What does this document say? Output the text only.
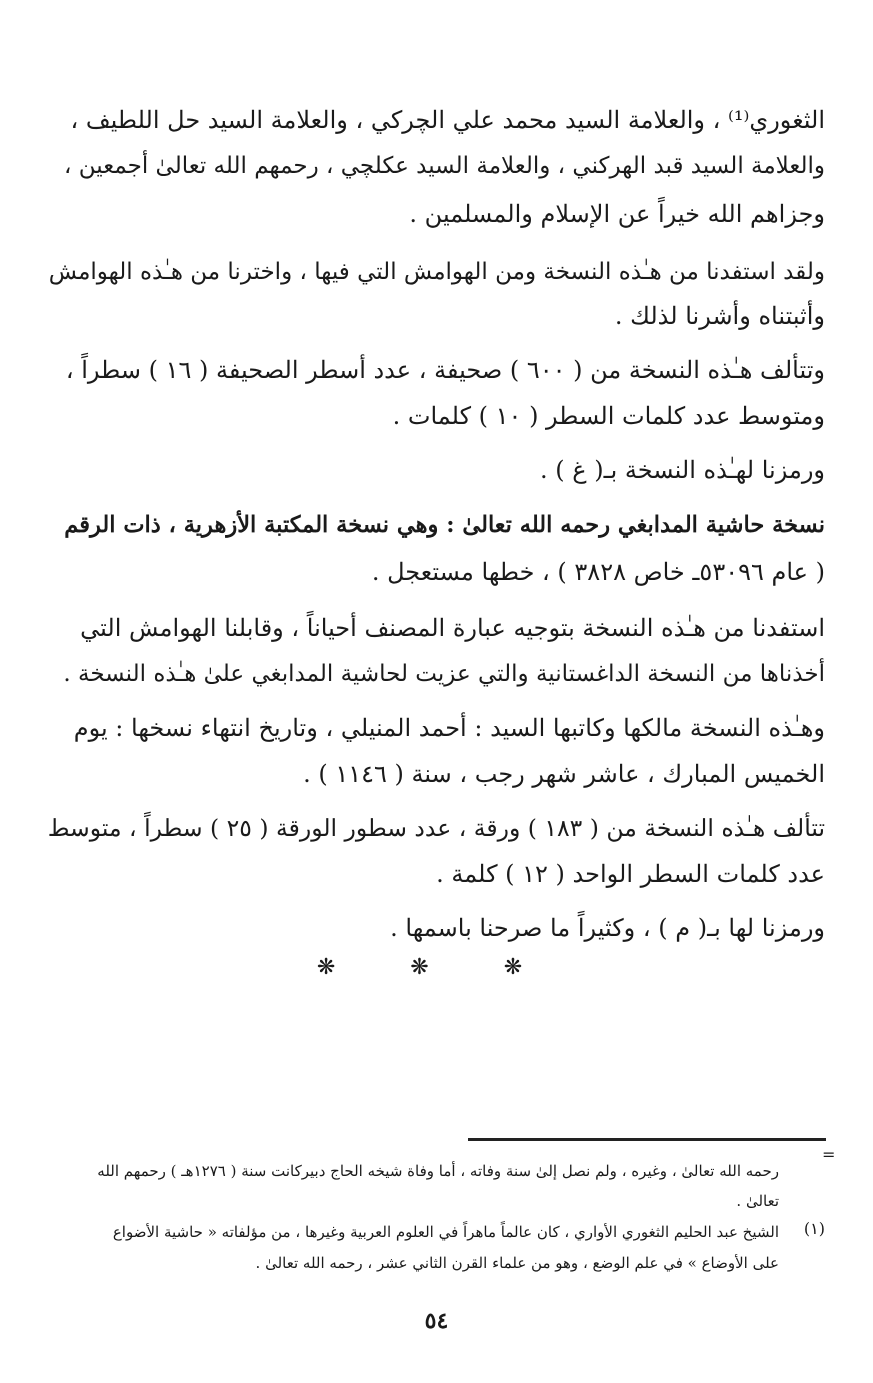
الثغوري⁽¹⁾ ، والعلامة السيد محمد علي الچركي ، والعلامة السيد حل اللطيف ،
والعلامة السيد قبد الهركني ، والعلامة السيد عكلچي ، رحمهم الله تعالىٰ أجمعين ،
وجزاهم الله خيراً عن الإسلام والمسلمين .
ولقد استفدنا من هـٰذه النسخة ومن الهوامش التي فيها ، واخترنا من هـٰذه الهوامش
وأثبتناه وأشرنا لذلك .
وتتألف هـٰذه النسخة من ( ٦٠٠ ) صحيفة ، عدد أسطر الصحيفة ( ١٦ ) سطراً ،
ومتوسط عدد كلمات السطر ( ١٠ ) كلمات .
ورمزنا لهـٰذه النسخة بـ( غ ) .
نسخة حاشية المدابغي رحمه الله تعالىٰ : وهي نسخة المكتبة الأزهرية ، ذات الرقم
( عام ٥٣٠٩٦ـ خاص ٣٨٢٨ ) ، خطها مستعجل .
استفدنا من هـٰذه النسخة بتوجيه عبارة المصنف أحياناً ، وقابلنا الهوامش التي
أخذناها من النسخة الداغستانية والتي عزيت لحاشية المدابغي علىٰ هـٰذه النسخة .
وهـٰذه النسخة مالكها وكاتبها السيد : أحمد المنيلي ، وتاريخ انتهاء نسخها : يوم
الخميس المبارك ، عاشر شهر رجب ، سنة ( ١١٤٦ ) .
تتألف هـٰذه النسخة من ( ١٨٣ ) ورقة ، عدد سطور الورقة ( ٢٥ ) سطراً ، متوسط
عدد كلمات السطر الواحد ( ١٢ ) كلمة .
ورمزنا لها بـ( م ) ، وكثيراً ما صرحنا باسمها .
❋ ❋ ❋
=
رحمه الله تعالىٰ ، وغيره ، ولم نصل إلىٰ سنة وفاته ، أما وفاة شيخه الحاج دبيركانت سنة ( ١٢٧٦هـ ) رحمهم الله
تعالىٰ .
(١)
الشيخ عبد الحليم الثغوري الأواري ، كان عالماً ماهراً في العلوم العربية وغيرها ، من مؤلفاته « حاشية الأضواع
على الأوضاع » في علم الوضع ، وهو من علماء القرن الثاني عشر ، رحمه الله تعالىٰ .
٥٤
